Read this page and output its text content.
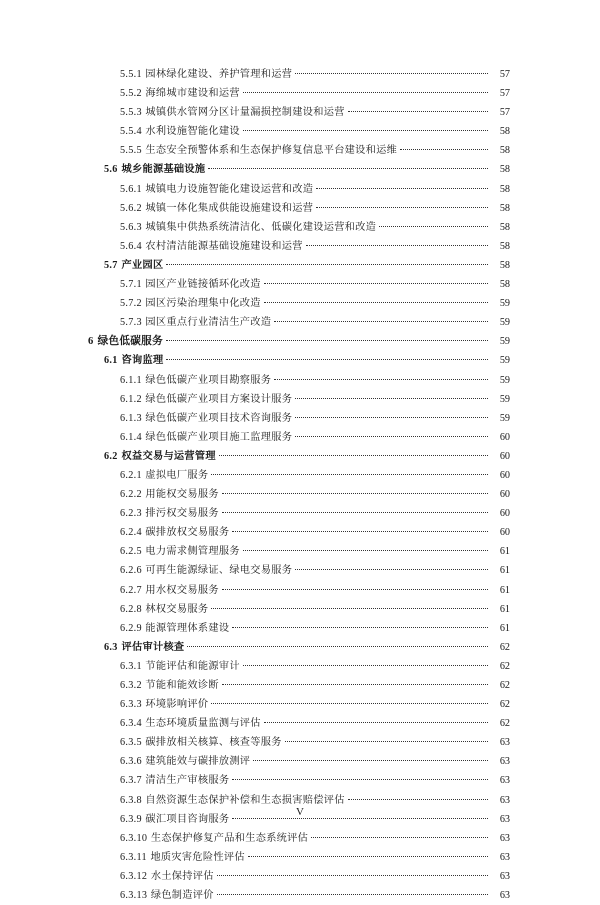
5.5.1 园林绿化建设、养护管理和运营	57
5.5.2 海绵城市建设和运营	57
5.5.3 城镇供水管网分区计量漏损控制建设和运营	57
5.5.4 水利设施智能化建设	58
5.5.5 生态安全预警体系和生态保护修复信息平台建设和运维	58
5.6 城乡能源基础设施	58
5.6.1 城镇电力设施智能化建设运营和改造	58
5.6.2 城镇一体化集成供能设施建设和运营	58
5.6.3 城镇集中供热系统清洁化、低碳化建设运营和改造	58
5.6.4 农村清洁能源基础设施建设和运营	58
5.7 产业园区	58
5.7.1 园区产业链接循环化改造	58
5.7.2 园区污染治理集中化改造	59
5.7.3 园区重点行业清洁生产改造	59
6 绿色低碳服务	59
6.1 咨询监理	59
6.1.1 绿色低碳产业项目勘察服务	59
6.1.2 绿色低碳产业项目方案设计服务	59
6.1.3 绿色低碳产业项目技术咨询服务	59
6.1.4 绿色低碳产业项目施工监理服务	60
6.2 权益交易与运营管理	60
6.2.1 虚拟电厂服务	60
6.2.2 用能权交易服务	60
6.2.3 排污权交易服务	60
6.2.4 碳排放权交易服务	60
6.2.5 电力需求侧管理服务	61
6.2.6 可再生能源绿证、绿电交易服务	61
6.2.7 用水权交易服务	61
6.2.8 林权交易服务	61
6.2.9 能源管理体系建设	61
6.3 评估审计核查	62
6.3.1 节能评估和能源审计	62
6.3.2 节能和能效诊断	62
6.3.3 环境影响评价	62
6.3.4 生态环境质量监测与评估	62
6.3.5 碳排放相关核算、核查等服务	63
6.3.6 建筑能效与碳排放测评	63
6.3.7 清洁生产审核服务	63
6.3.8 自然资源生态保护补偿和生态损害赔偿评估	63
6.3.9 碳汇项目咨询服务	63
6.3.10 生态保护修复产品和生态系统评估	63
6.3.11 地质灾害危险性评估	63
6.3.12 水土保持评估	63
6.3.13 绿色制造评价	63
V
